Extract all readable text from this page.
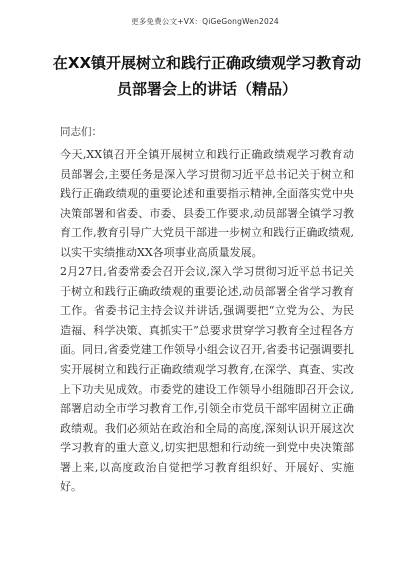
更多免费公文+VX：QiGeGongWen2024
在XX镇开展树立和践行正确政绩观学习教育动员部署会上的讲话（精品）
同志们：

今天,XX镇召开全镇开展树立和践行正确政绩观学习教育动员部署会,主要任务是深入学习贯彻习近平总书记关于树立和践行正确政绩观的重要论述和重要指示精神,全面落实党中央决策部署和省委、市委、县委工作要求,动员部署全镇学习教育工作,教育引导广大党员干部进一步树立和践行正确政绩观,以实干实绩推动XX各项事业高质量发展。

2月27日,省委常委会召开会议,深入学习贯彻习近平总书记关于树立和践行正确政绩观的重要论述,动员部署全省学习教育工作。省委书记主持会议并讲话,强调要把“立党为公、为民造福、科学决策、真抓实干”总要求贯穿学习教育全过程各方面。同日,省委党建工作领导小组会议召开,省委书记强调要扎实开展树立和践行正确政绩观学习教育,在深学、真查、实改上下功夫见成效。市委党的建设工作领导小组随即召开会议,部署启动全市学习教育工作,引领全市党员干部牢固树立正确政绩观。我们必须站在政治和全局的高度,深刻认识开展这次学习教育的重大意义,切实把思想和行动统一到党中央决策部署上来,以高度政治自觉把学习教育组织好、开展好、实施好。
